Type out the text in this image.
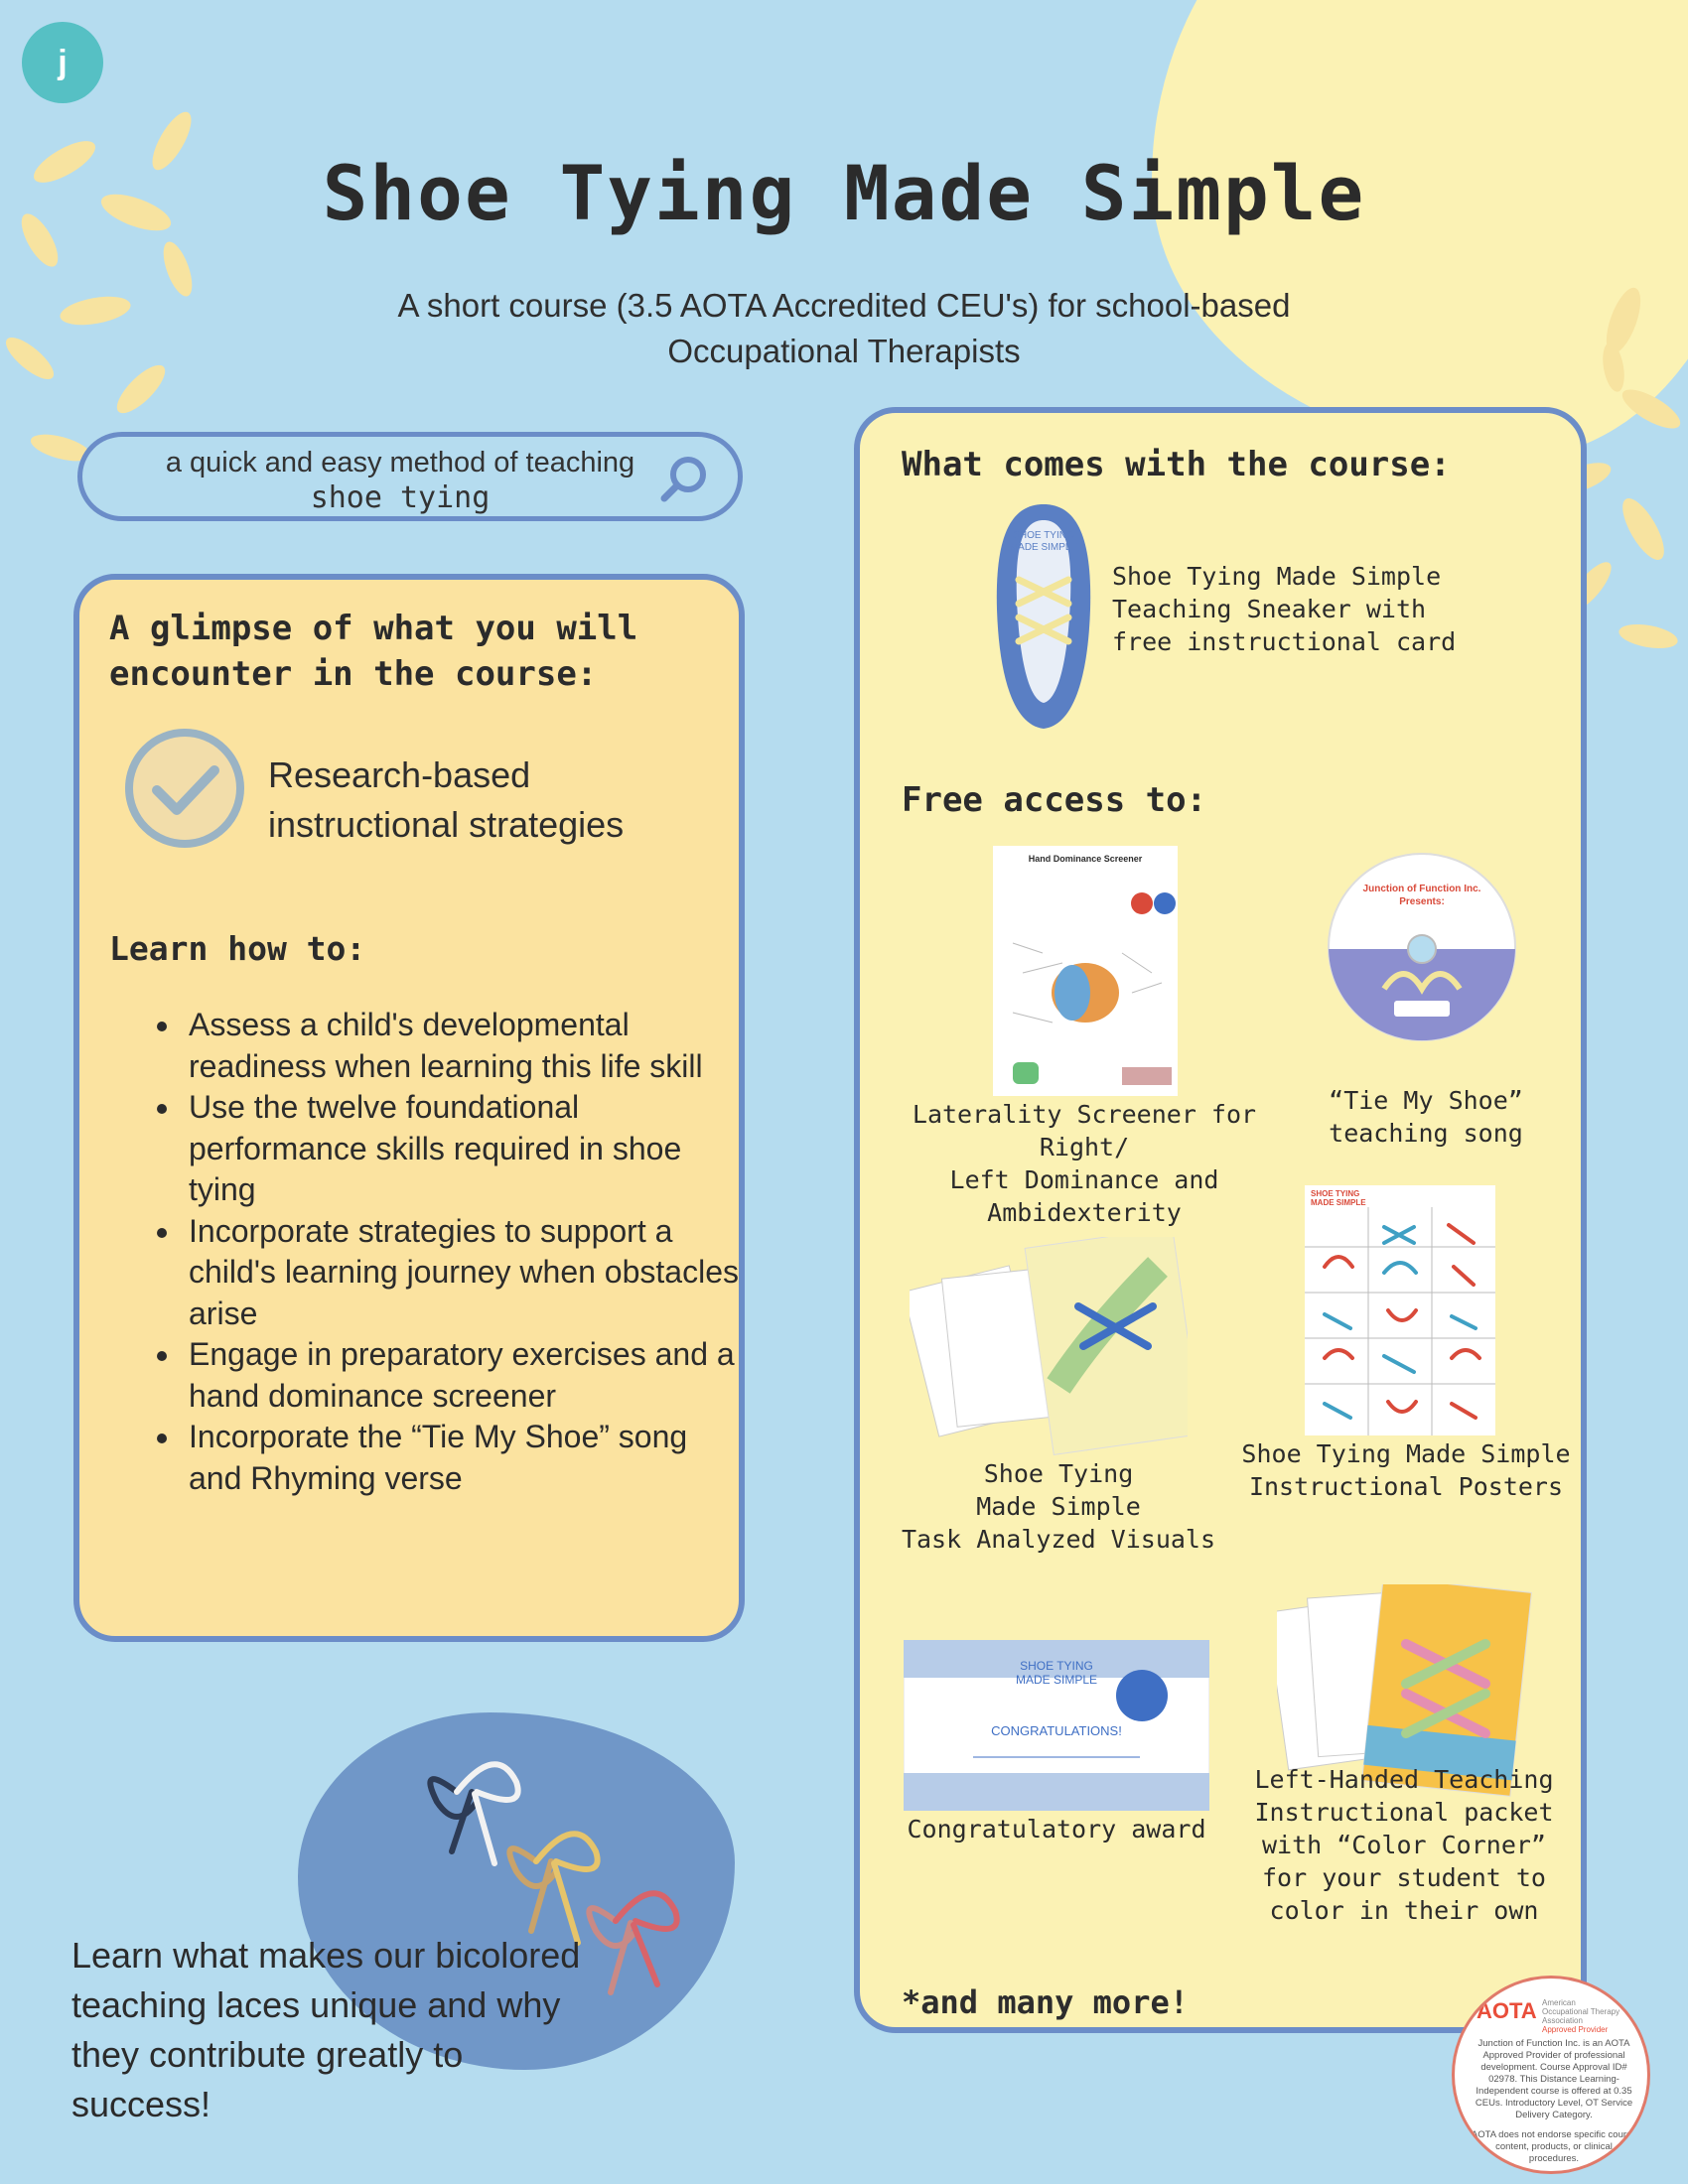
j
Shoe Tying Made Simple
A short course (3.5 AOTA Accredited CEU's) for school-based
Occupational Therapists
a quick and easy method of teaching
shoe tying
A glimpse of what you will
encounter in the course:
Research-based
instructional strategies
Learn how to:
• Assess a child's developmental readiness when learning this life skill
• Use the twelve foundational performance skills required in shoe tying
• Incorporate strategies to support a child's learning journey when obstacles arise
• Engage in preparatory exercises and a hand dominance screener
• Incorporate the “Tie My Shoe” song and Rhyming verse
Learn what makes our bicolored
teaching laces unique and why
they contribute greatly to
success!
What comes with the course:
SHOE TYING
MADE SIMPLE
Shoe Tying Made Simple
Teaching Sneaker with
free instructional card
Free access to:
Hand Dominance Screener
Laterality Screener for Right/
Left Dominance and
Ambidexterity
Junction of Function Inc.
Presents:
“Tie My Shoe”
teaching song
Shoe Tying
Made Simple
Task Analyzed Visuals
SHOE TYING
MADE SIMPLE
Shoe Tying Made Simple
Instructional Posters
SHOE TYING
MADE SIMPLE
CONGRATULATIONS!
Congratulatory award
Left-Handed Teaching
Instructional packet
with “Color Corner”
for your student to
color in their own
*and many more!	AOTA American
Occupational Therapy
Association
Approved Provider
Junction of Function Inc. is an AOTA Approved Provider of professional development. Course Approval ID# 02978. This Distance Learning-Independent course is offered at 0.35 CEUs. Introductory Level, OT Service Delivery Category.
AOTA does not endorse specific course content, products, or clinical procedures.
